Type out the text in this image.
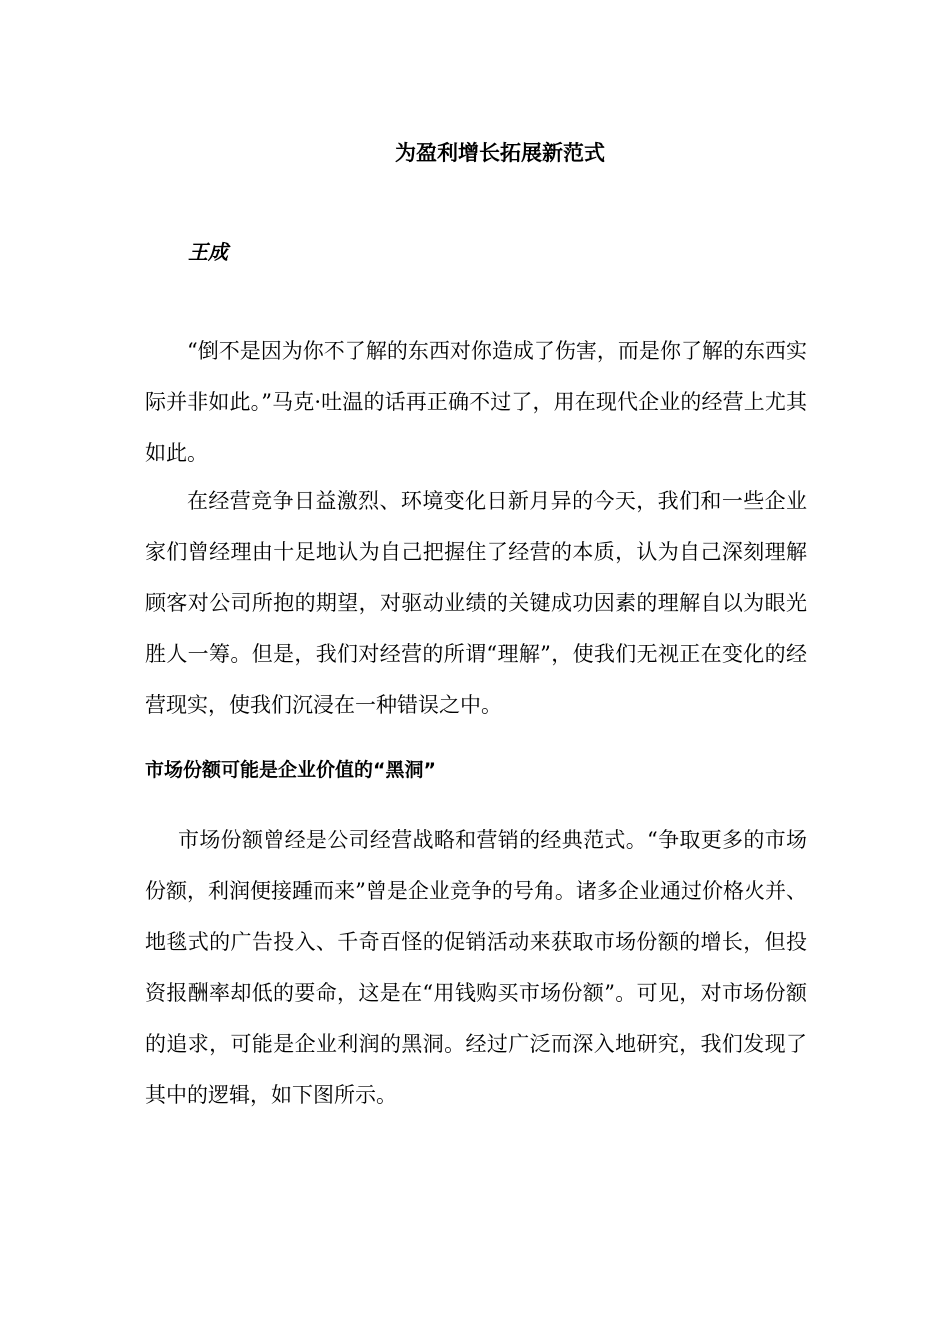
为盈利增长拓展新范式
王成

“倒不是因为你不了解的东西对你造成了伤害，而是你了解的东西实际并非如此。”马克·吐温的话再正确不过了，用在现代企业的经营上尤其如此。

在经营竞争日益激烈、环境变化日新月异的今天，我们和一些企业家们曾经理由十足地认为自己把握住了经营的本质，认为自己深刻理解顾客对公司所抱的期望，对驱动业绩的关键成功因素的理解自以为眼光胜人一筹。但是，我们对经营的所谓“理解”，使我们无视正在变化的经营现实，使我们沉浸在一种错误之中。

市场份额可能是企业价值的“黑洞”

市场份额曾经是公司经营战略和营销的经典范式。“争取更多的市场份额，利润便接踵而来”曾是企业竞争的号角。诸多企业通过价格火并、地毯式的广告投入、千奇百怪的促销活动来获取市场份额的增长，但投资报酬率却低的要命，这是在“用钱购买市场份额”。可见，对市场份额的追求，可能是企业利润的黑洞。经过广泛而深入地研究，我们发现了其中的逻辑，如下图所示。
